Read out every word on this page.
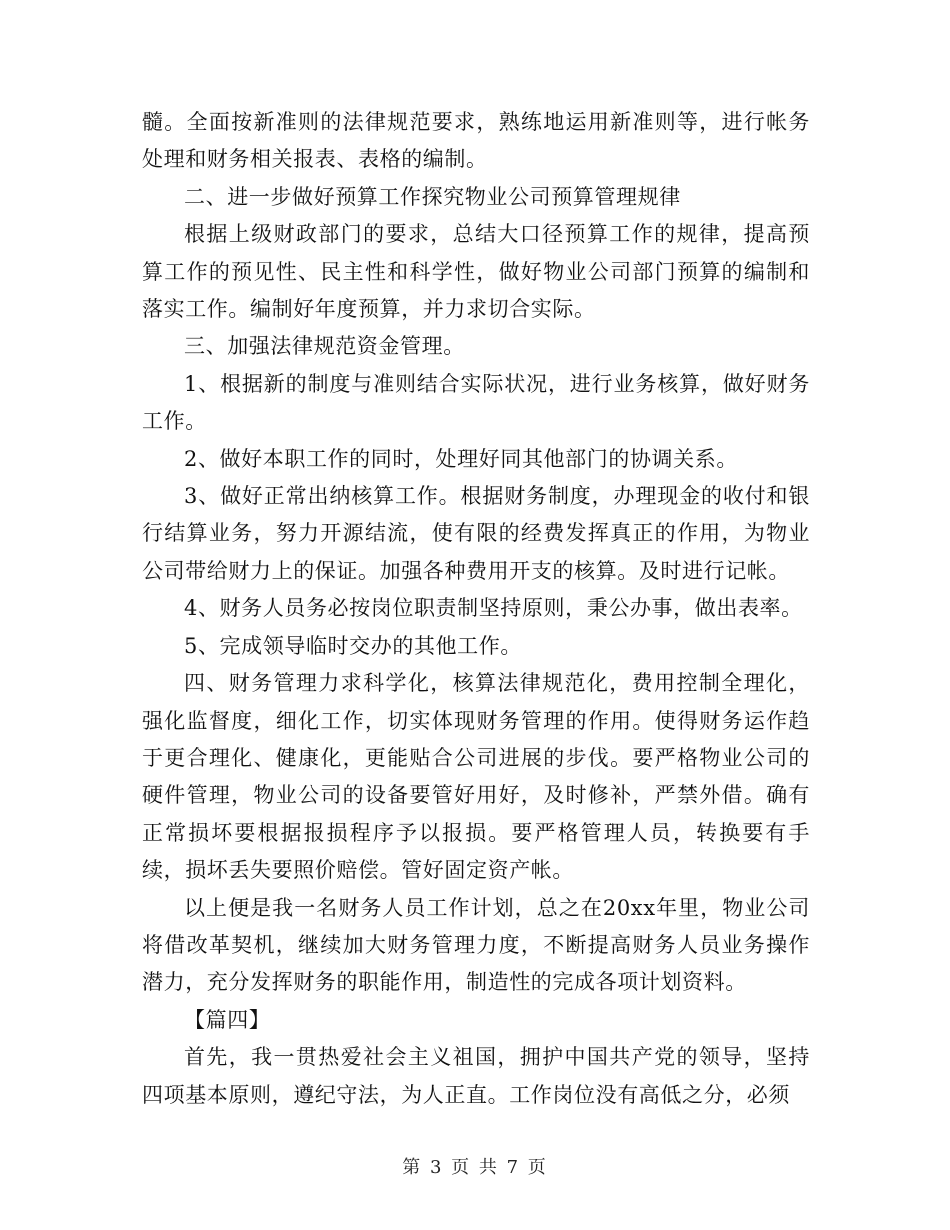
髓。全面按新准则的法律规范要求，熟练地运用新准则等，进行帐务处理和财务相关报表、表格的编制。

二、进一步做好预算工作探究物业公司预算管理规律

根据上级财政部门的要求，总结大口径预算工作的规律，提高预算工作的预见性、民主性和科学性，做好物业公司部门预算的编制和落实工作。编制好年度预算，并力求切合实际。

三、加强法律规范资金管理。

1、根据新的制度与准则结合实际状况，进行业务核算，做好财务工作。

2、做好本职工作的同时，处理好同其他部门的协调关系。

3、做好正常出纳核算工作。根据财务制度，办理现金的收付和银行结算业务，努力开源结流，使有限的经费发挥真正的作用，为物业公司带给财力上的保证。加强各种费用开支的核算。及时进行记帐。

4、财务人员务必按岗位职责制坚持原则，秉公办事，做出表率。

5、完成领导临时交办的其他工作。

四、财务管理力求科学化，核算法律规范化，费用控制全理化，强化监督度，细化工作，切实体现财务管理的作用。使得财务运作趋于更合理化、健康化，更能贴合公司进展的步伐。要严格物业公司的硬件管理，物业公司的设备要管好用好，及时修补，严禁外借。确有正常损坏要根据报损程序予以报损。要严格管理人员，转换要有手续，损坏丢失要照价赔偿。管好固定资产帐。

以上便是我一名财务人员工作计划，总之在20xx年里，物业公司将借改革契机，继续加大财务管理力度，不断提高财务人员业务操作潜力，充分发挥财务的职能作用，制造性的完成各项计划资料。

【篇四】

首先，我一贯热爱社会主义祖国，拥护中国共产党的领导，坚持四项基本原则，遵纪守法，为人正直。工作岗位没有高低之分，必须

第 3 页 共 7 页
